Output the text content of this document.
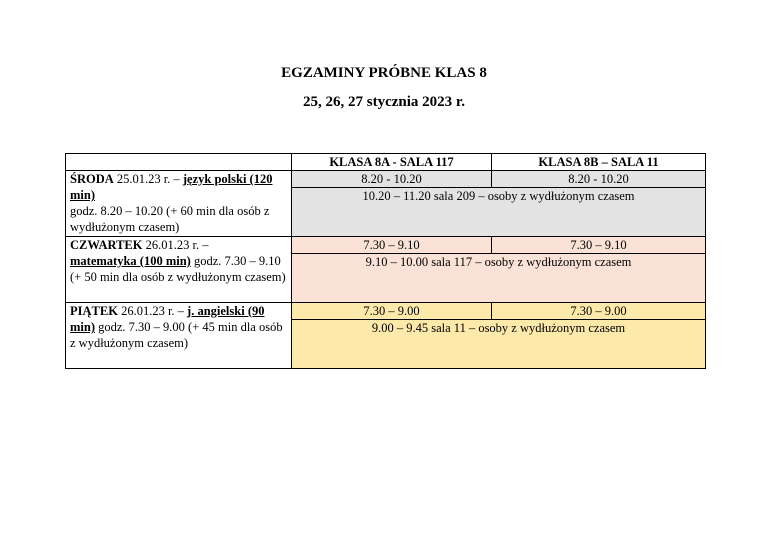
EGZAMINY PRÓBNE KLAS 8
25, 26, 27 stycznia 2023 r.
	KLASA 8A - SALA 117	KLASA 8B – SALA 11
ŚRODA 25.01.23 r. – język polski (120 min)
godz. 8.20 – 10.20 (+ 60 min dla osób z wydłużonym czasem)	8.20 - 10.20	8.20 - 10.20
	10.20 – 11.20 sala 209 – osoby z wydłużonym czasem	
CZWARTEK 26.01.23 r. –
matematyka (100 min) godz. 7.30 – 9.10 (+ 50 min dla osób z wydłużonym czasem)	7.30 – 9.10	7.30 – 9.10
	9.10 – 10.00 sala 117 – osoby z wydłużonym czasem	
PIĄTEK 26.01.23 r. – j. angielski (90 min) godz. 7.30 – 9.00 (+ 45 min dla osób z wydłużonym czasem)	7.30 – 9.00	7.30 – 9.00
	9.00 – 9.45 sala 11 – osoby z wydłużonym czasem	
